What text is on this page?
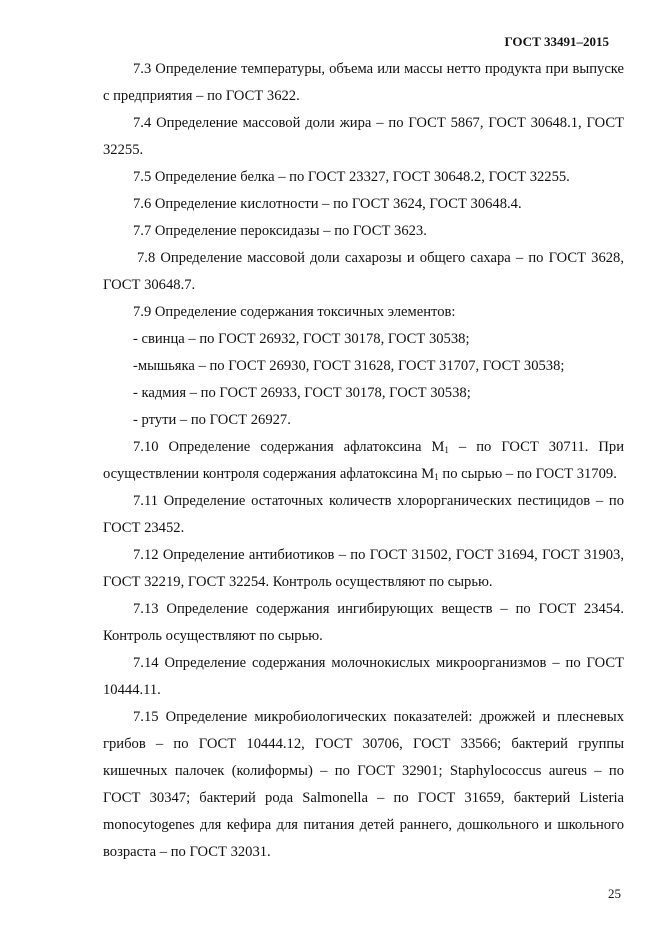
ГОСТ 33491–2015

7.3 Определение температуры, объема или массы нетто продукта при выпуске с предприятия – по ГОСТ 3622.

7.4 Определение массовой доли жира – по ГОСТ 5867, ГОСТ 30648.1, ГОСТ 32255.

7.5 Определение белка – по ГОСТ 23327, ГОСТ 30648.2, ГОСТ 32255.

7.6 Определение кислотности – по ГОСТ 3624, ГОСТ 30648.4.

7.7 Определение пероксидазы – по ГОСТ 3623.

7.8 Определение массовой доли сахарозы и общего сахара – по ГОСТ 3628, ГОСТ 30648.7.

7.9 Определение содержания токсичных элементов:

- свинца – по ГОСТ 26932, ГОСТ 30178, ГОСТ 30538;

-мышьяка – по ГОСТ 26930, ГОСТ 31628, ГОСТ 31707, ГОСТ 30538;

- кадмия – по ГОСТ 26933, ГОСТ 30178, ГОСТ 30538;

- ртути – по ГОСТ 26927.

7.10 Определение содержания афлатоксина $M_1$ – по ГОСТ 30711. При осуществлении контроля содержания афлатоксина $M_1$ по сырью – по ГОСТ 31709.

7.11 Определение остаточных количеств хлорорганических пестицидов – по ГОСТ 23452.

7.12 Определение антибиотиков – по ГОСТ 31502, ГОСТ 31694, ГОСТ 31903, ГОСТ 32219, ГОСТ 32254. Контроль осуществляют по сырью.

7.13 Определение содержания ингибирующих веществ – по ГОСТ 23454. Контроль осуществляют по сырью.

7.14 Определение содержания молочнокислых микроорганизмов – по ГОСТ 10444.11.

7.15 Определение микробиологических показателей: дрожжей и плесневых грибов – по ГОСТ 10444.12, ГОСТ 30706, ГОСТ 33566; бактерий группы кишечных палочек (колиформы) – по ГОСТ 32901; Staphylococcus aureus – по ГОСТ 30347; бактерий рода Salmonella – по ГОСТ 31659, бактерий Listeria monocytogenes для кефира для питания детей раннего, дошкольного и школьного возраста – по ГОСТ 32031.

25
